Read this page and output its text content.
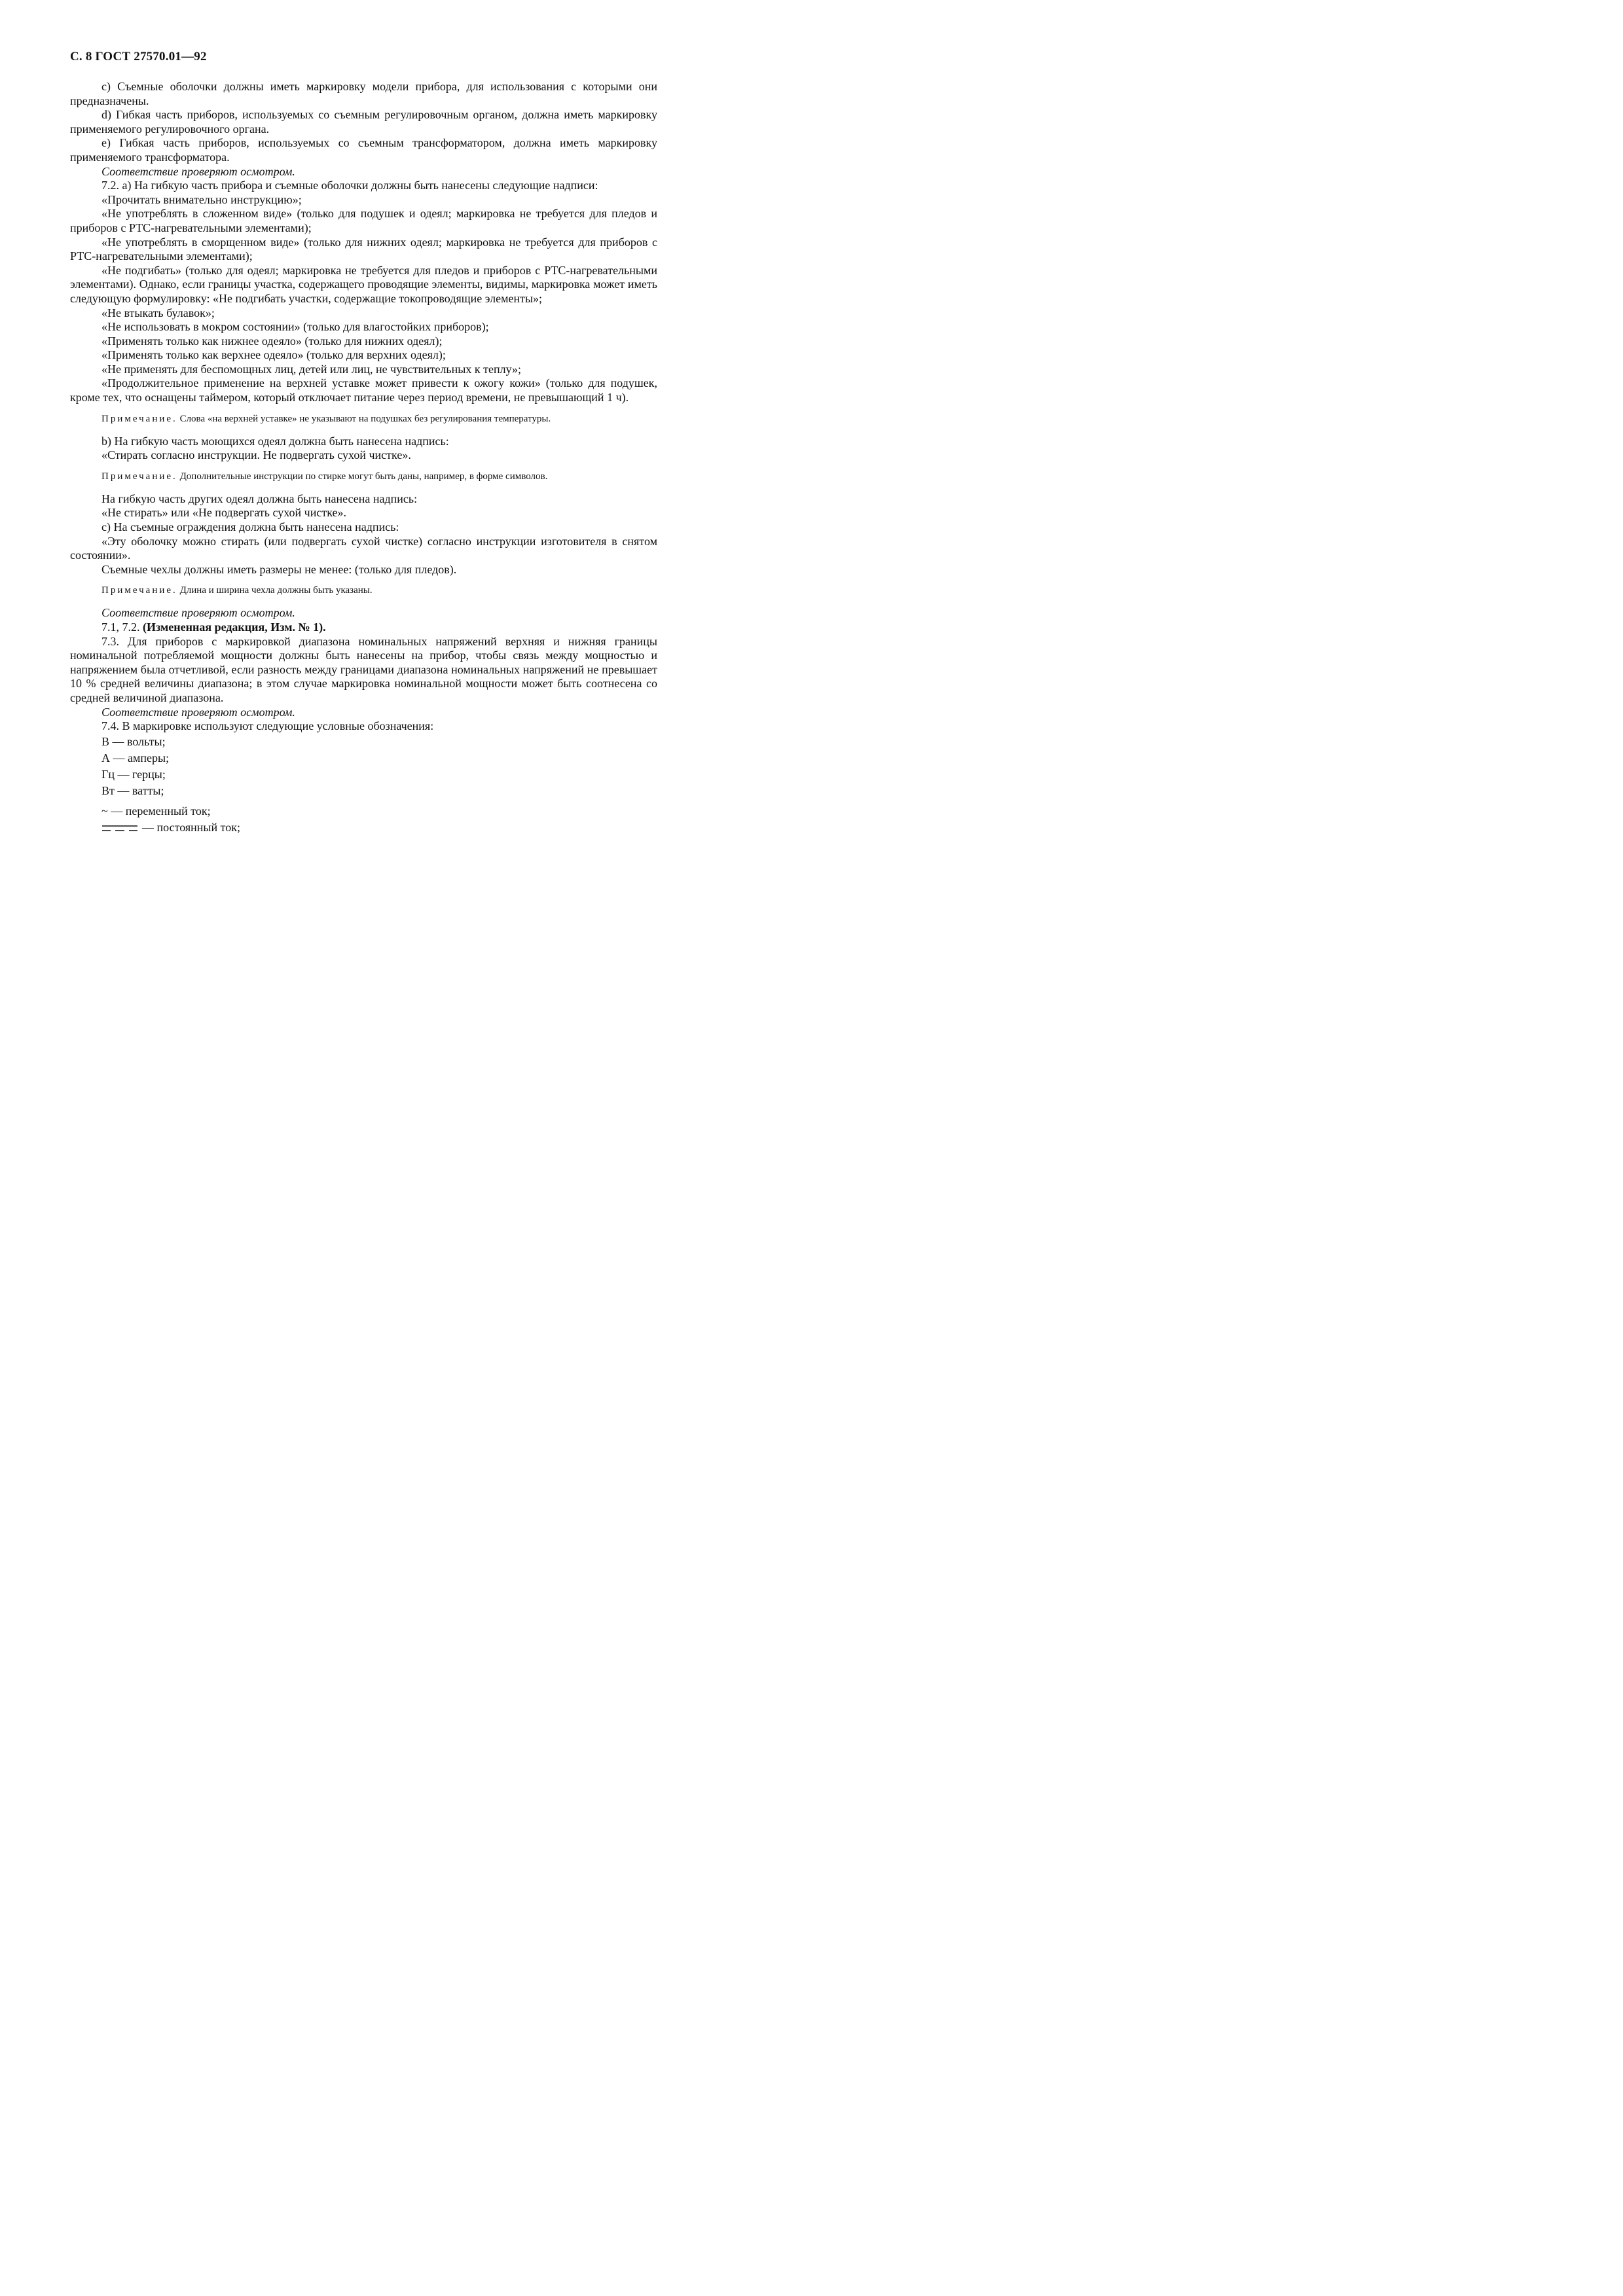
С. 8 ГОСТ 27570.01—92

c) Съемные оболочки должны иметь маркировку модели прибора, для использования с которыми они предназначены.

d) Гибкая часть приборов, используемых со съемным регулировочным органом, должна иметь маркировку применяемого регулировочного органа.

e) Гибкая часть приборов, используемых со съемным трансформатором, должна иметь маркировку применяемого трансформатора.

Соответствие проверяют осмотром.

7.2. а) На гибкую часть прибора и съемные оболочки должны быть нанесены следующие надписи:

«Прочитать внимательно инструкцию»;

«Не употреблять в сложенном виде» (только для подушек и одеял; маркировка не требуется для пледов и приборов с РТС-нагревательными элементами);

«Не употреблять в сморщенном виде» (только для нижних одеял; маркировка не требуется для приборов с РТС-нагревательными элементами);

«Не подгибать» (только для одеял; маркировка не требуется для пледов и приборов с РТС-нагревательными элементами). Однако, если границы участка, содержащего проводящие элементы, видимы, маркировка может иметь следующую формулировку: «Не подгибать участки, содержащие токопроводящие элементы»;

«Не втыкать булавок»;

«Не использовать в мокром состоянии» (только для влагостойких приборов);

«Применять только как нижнее одеяло» (только для нижних одеял);

«Применять только как верхнее одеяло» (только для верхних одеял);

«Не применять для беспомощных лиц, детей или лиц, не чувствительных к теплу»;

«Продолжительное применение на верхней уставке может привести к ожогу кожи» (только для подушек, кроме тех, что оснащены таймером, который отключает питание через период времени, не превышающий 1 ч).

Примечание. Слова «на верхней уставке» не указывают на подушках без регулирования температуры.

b) На гибкую часть моющихся одеял должна быть нанесена надпись:

«Стирать согласно инструкции. Не подвергать сухой чистке».

Примечание. Дополнительные инструкции по стирке могут быть даны, например, в форме символов.

На гибкую часть других одеял должна быть нанесена надпись:

«Не стирать» или «Не подвергать сухой чистке».

c) На съемные ограждения должна быть нанесена надпись:

«Эту оболочку можно стирать (или подвергать сухой чистке) согласно инструкции изготовителя в снятом состоянии».

Съемные чехлы должны иметь размеры не менее: (только для пледов).

Примечание. Длина и ширина чехла должны быть указаны.

Соответствие проверяют осмотром.

7.1, 7.2. (Измененная редакция, Изм. № 1).

7.3. Для приборов с маркировкой диапазона номинальных напряжений верхняя и нижняя границы номинальной потребляемой мощности должны быть нанесены на прибор, чтобы связь между мощностью и напряжением была отчетливой, если разность между границами диапазона номинальных напряжений не превышает 10 % средней величины диапазона; в этом случае маркировка номинальной мощности может быть соотнесена со средней величиной диапазона.

Соответствие проверяют осмотром.

7.4. В маркировке используют следующие условные обозначения:

В — вольты;

А — амперы;

Гц — герцы;

Вт — ватты;

~ — переменный ток;

— постоянный ток;
